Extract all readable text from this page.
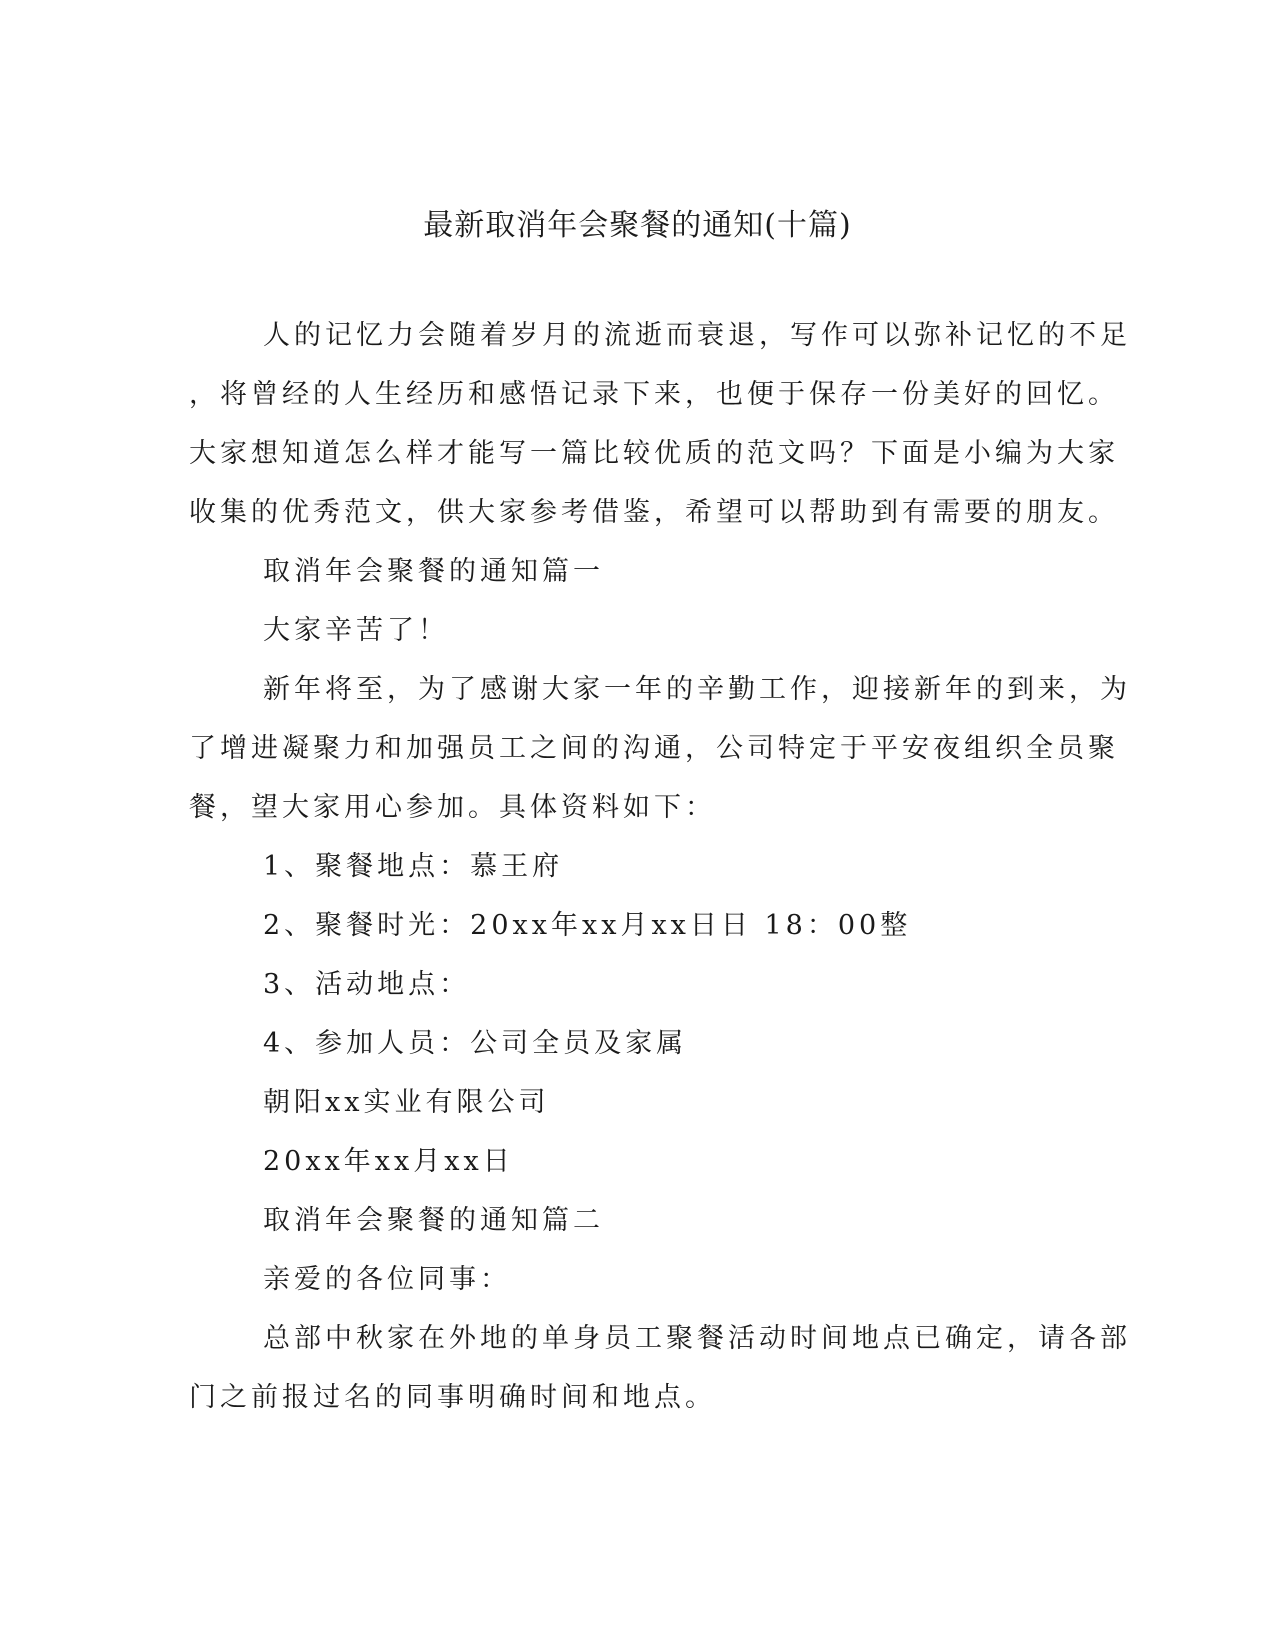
最新取消年会聚餐的通知(十篇)
人的记忆力会随着岁月的流逝而衰退，写作可以弥补记忆的不足
，将曾经的人生经历和感悟记录下来，也便于保存一份美好的回忆。
大家想知道怎么样才能写一篇比较优质的范文吗？下面是小编为大家
收集的优秀范文，供大家参考借鉴，希望可以帮助到有需要的朋友。
取消年会聚餐的通知篇一
大家辛苦了！
新年将至，为了感谢大家一年的辛勤工作，迎接新年的到来，为
了增进凝聚力和加强员工之间的沟通，公司特定于平安夜组织全员聚
餐，望大家用心参加。具体资料如下：
1、聚餐地点：慕王府
2、聚餐时光：20xx年xx月xx日日 18：00整
3、活动地点：
4、参加人员：公司全员及家属
朝阳xx实业有限公司
20xx年xx月xx日
取消年会聚餐的通知篇二
亲爱的各位同事：
总部中秋家在外地的单身员工聚餐活动时间地点已确定，请各部
门之前报过名的同事明确时间和地点。
